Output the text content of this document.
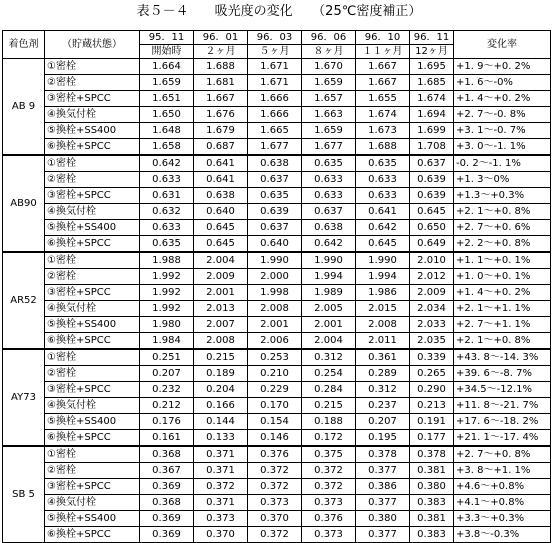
表５－４　　吸光度の変化　　（25℃密度補正）
着色剤	（貯蔵状態）	95．11	96．01	96．03	96．06	96．10	96．11	変化率
		開始時	２ヶ月	５ヶ月	８ヶ月	１１ヶ月	12ヶ月	
AB 9	①密栓	1.664	1.688	1.671	1.670	1.667	1.695	+1. 9～+0. 2%
	②密栓	1.659	1.681	1.671	1.659	1.667	1.685	+1. 6～-0%
	③密栓+SPCC	1.651	1.667	1.666	1.657	1.655	1.674	+1. 4～+0. 2%
	④換気付栓	1.650	1.676	1.666	1.663	1.674	1.694	+2. 7～-0. 8%
	⑤換栓+SS400	1.648	1.679	1.665	1.659	1.673	1.699	+3. 1～-0. 7%
	⑥換栓+SPCC	1.658	0.687	1.677	1.677	1.688	1.708	+3. 0～-1. 1%
AB90	①密栓	0.642	0.641	0.638	0.635	0.635	0.637	-0. 2～-1. 1%
	②密栓	0.633	0.641	0.637	0.633	0.633	0.639	+1. 3～0%
	③密栓+SPCC	0.631	0.638	0.635	0.633	0.633	0.639	+1.3～+0.3%
	④換気付栓	0.632	0.640	0.639	0.637	0.641	0.645	+2. 1～+0. 8%
	⑤換栓+SS400	0.633	0.645	0.637	0.638	0.642	0.650	+2. 7～+0. 6%
	⑥換栓+SPCC	0.635	0.645	0.640	0.642	0.645	0.649	+2. 2～+0. 8%
AR52	①密栓	1.988	2.004	1.990	1.990	1.990	2.010	+1. 1～+0. 1%
	②密栓	1.992	2.009	2.000	1.994	1.994	2.012	+1. 0～+0. 1%
	③密栓+SPCC	1.992	2.001	1.998	1.989	1.986	2.009	+1. 4～+0. 2%
	④換気付栓	1.992	2.013	2.008	2.005	2.015	2.034	+2. 1～+1. 1%
	⑤換栓+SS400	1.980	2.007	2.001	2.001	2.008	2.033	+2. 7～+1. 1%
	⑥換栓+SPCC	1.984	2.008	2.006	2.004	2.011	2.035	+2. 1～+0. 8%
AY73	①密栓	0.251	0.215	0.253	0.312	0.361	0.339	+43. 8～-14. 3%
	②密栓	0.207	0.189	0.210	0.254	0.289	0.265	+39. 6～-8. 7%
	③密栓+SPCC	0.232	0.204	0.229	0.284	0.312	0.290	+34.5～-12.1%
	④換気付栓	0.212	0.166	0.170	0.215	0.237	0.213	+11. 8～-21. 7%
	⑤換栓+SS400	0.176	0.144	0.154	0.188	0.207	0.191	+17. 6～-18. 2%
	⑥換栓+SPCC	0.161	0.133	0.146	0.172	0.195	0.177	+21. 1～-17. 4%
SB 5	①密栓	0.368	0.371	0.376	0.375	0.378	0.378	+2. 7～+0. 8%
	②密栓	0.367	0.371	0.372	0.372	0.377	0.381	+3. 8～+1. 1%
	③密栓+SPCC	0.369	0.372	0.372	0.372	0.386	0.380	+4.6～+0.8%
	④換気付栓	0.368	0.371	0.373	0.373	0.377	0.383	+4.1～+0.8%
	⑤換栓+SS400	0.369	0.373	0.370	0.376	0.380	0.381	+3.3～+0.3%
	⑥換栓+SPCC	0.369	0.370	0.372	0.373	0.377	0.383	+3.8～-0.3%
